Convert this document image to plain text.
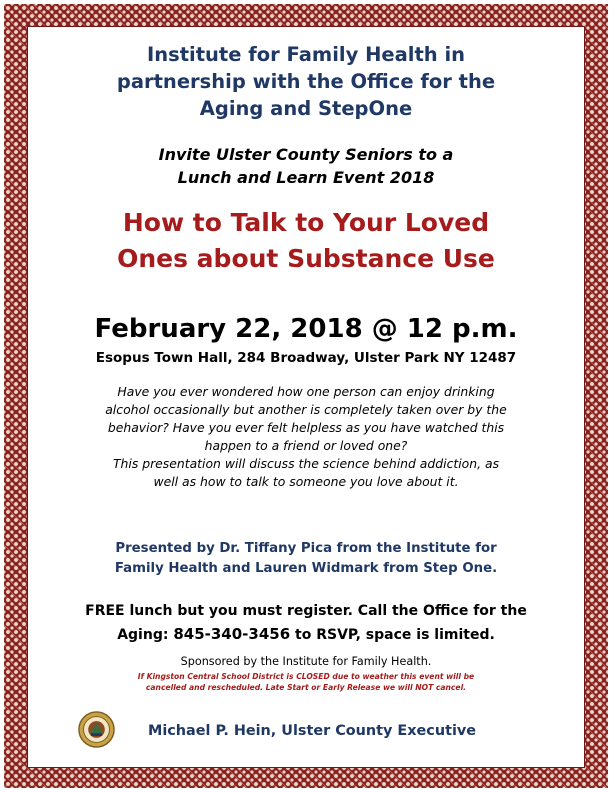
Institute for Family Health in
partnership with the Office for the
Aging and StepOne
Invite Ulster County Seniors to a
Lunch and Learn Event 2018
How to Talk to Your Loved
Ones about Substance Use
February 22, 2018 @ 12 p.m.
Esopus Town Hall, 284 Broadway, Ulster Park NY 12487
Have you ever wondered how one person can enjoy drinking
alcohol occasionally but another is completely taken over by the
behavior? Have you ever felt helpless as you have watched this
happen to a friend or loved one?
This presentation will discuss the science behind addiction, as
well as how to talk to someone you love about it.
Presented by Dr. Tiffany Pica from the Institute for
Family Health and Lauren Widmark from Step One.
FREE lunch but you must register. Call the Office for the
Aging: 845-340-3456 to RSVP, space is limited.
Sponsored by the Institute for Family Health.
If Kingston Central School District is CLOSED due to weather this event will be
cancelled and rescheduled. Late Start or Early Release we will NOT cancel.
Michael P. Hein, Ulster County Executive
